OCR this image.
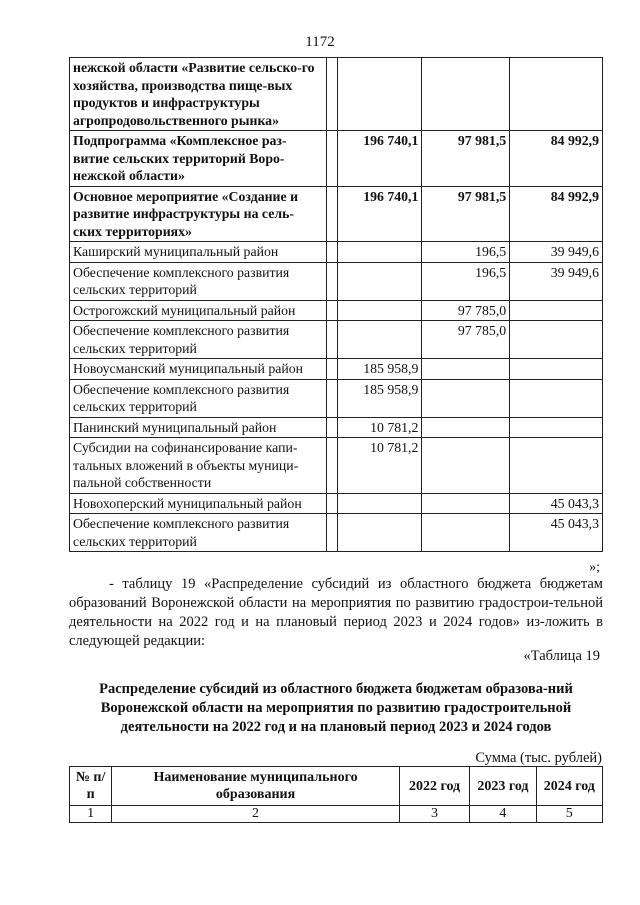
1172
нежской области «Развитие сельско-го хозяйства, производства пище-вых продуктов и инфраструктуры агропродовольственного рынка»				
Подпрограмма «Комплексное раз-витие сельских территорий Воро-нежской области»		196 740,1	97 981,5	84 992,9
Основное мероприятие «Создание и развитие инфраструктуры на сель-ских территориях»		196 740,1	97 981,5	84 992,9
Каширский муниципальный район			196,5	39 949,6
Обеспечение комплексного развития сельских территорий			196,5	39 949,6
Острогожский муниципальный район			97 785,0	
Обеспечение комплексного развития сельских территорий			97 785,0	
Новоусманский муниципальный район		185 958,9		
Обеспечение комплексного развития сельских территорий		185 958,9		
Панинский муниципальный район		10 781,2		
Субсидии на софинансирование капи-тальных вложений в объекты муници-пальной собственности		10 781,2		
Новохоперский муниципальный район				45 043,3
Обеспечение комплексного развития сельских территорий				45 043,3
»;
- таблицу 19 «Распределение субсидий из областного бюджета бюджетам образований Воронежской области на мероприятия по развитию градострои-тельной деятельности на 2022 год и на плановый период 2023 и 2024 годов» из-ложить в следующей редакции:
«Таблица 19
Распределение субсидий из областного бюджета бюджетам образова-ний Воронежской области на мероприятия по развитию градостроительной деятельности на 2022 год и на плановый период 2023 и 2024 годов
Сумма (тыс. рублей)
№ п/п	Наименование муниципального образования	2022 год	2023 год	2024 год
1	2	3	4	5
